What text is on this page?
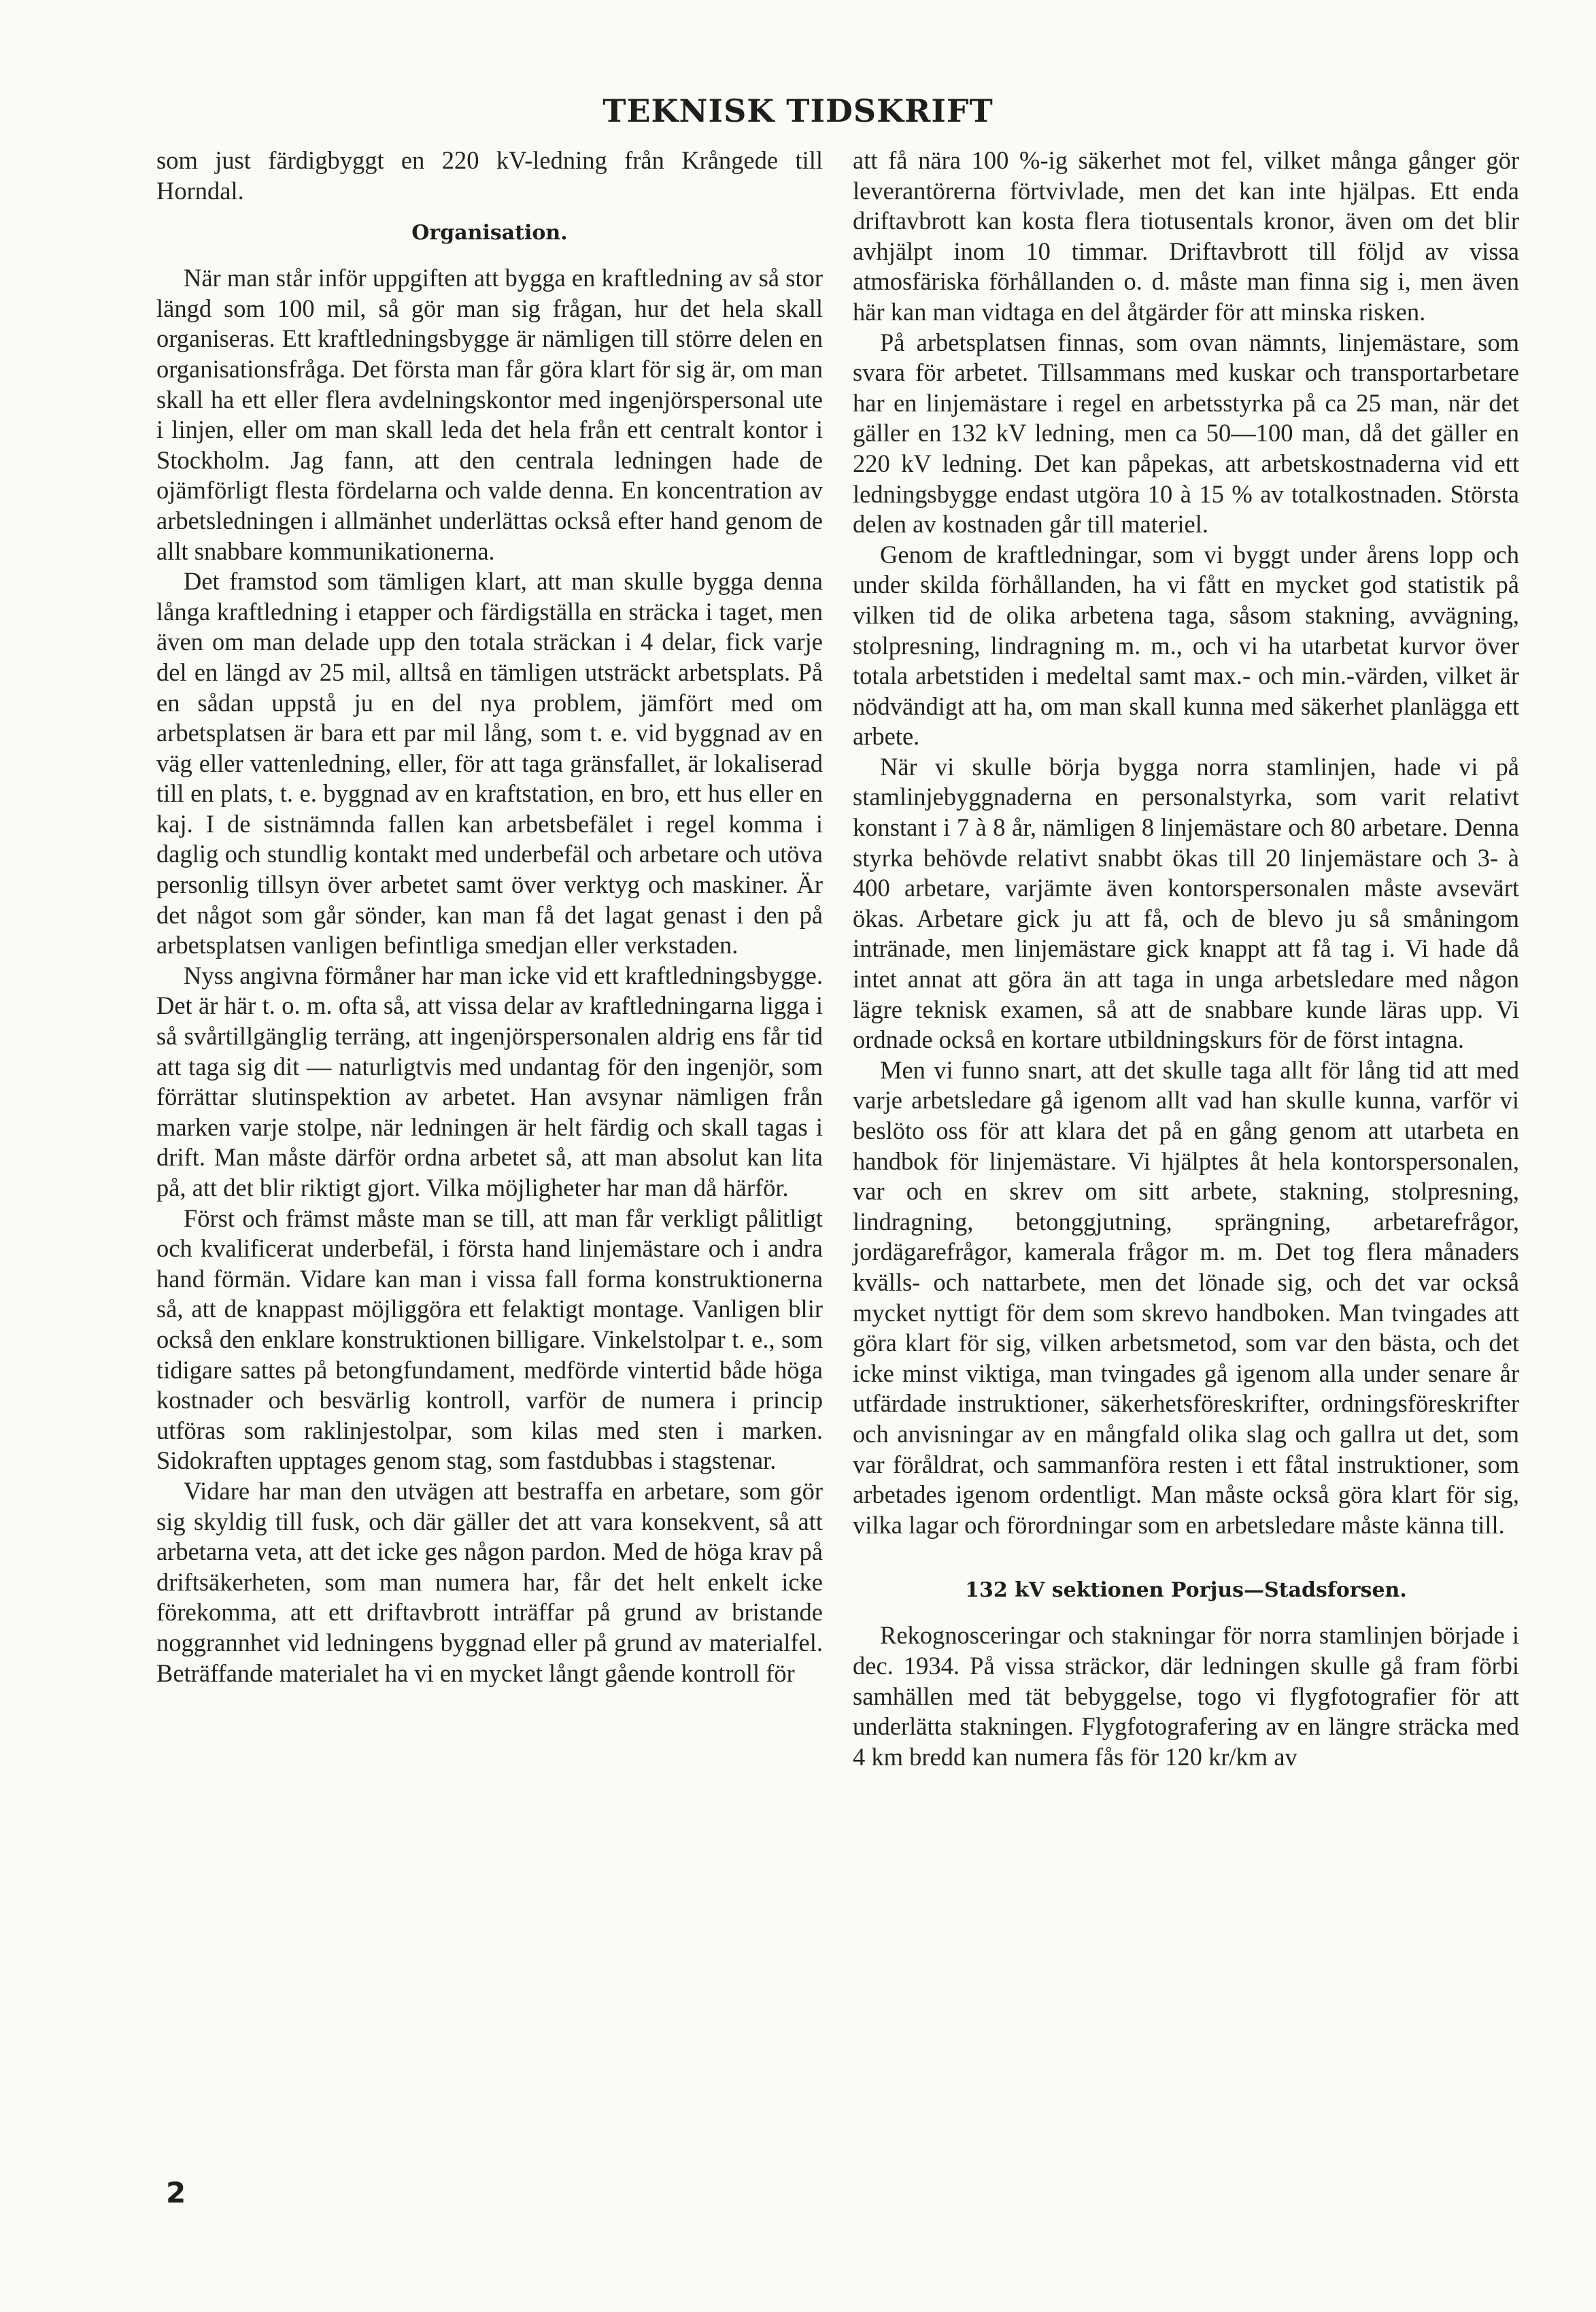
TEKNISK TIDSKRIFT

som just färdigbyggt en 220 kV-ledning från Krångede till Horndal.

Organisation.

När man står inför uppgiften att bygga en kraftledning av så stor längd som 100 mil, så gör man sig frågan, hur det hela skall organiseras. Ett kraftledningsbygge är nämligen till större delen en organisationsfråga. Det första man får göra klart för sig är, om man skall ha ett eller flera avdelningskontor med ingenjörspersonal ute i linjen, eller om man skall leda det hela från ett centralt kontor i Stockholm. Jag fann, att den centrala ledningen hade de ojämförligt flesta fördelarna och valde denna. En koncentration av arbetsledningen i allmänhet underlättas också efter hand genom de allt snabbare kommunikationerna.

Det framstod som tämligen klart, att man skulle bygga denna långa kraftledning i etapper och färdigställa en sträcka i taget, men även om man delade upp den totala sträckan i 4 delar, fick varje del en längd av 25 mil, alltså en tämligen utsträckt arbetsplats. På en sådan uppstå ju en del nya problem, jämfört med om arbetsplatsen är bara ett par mil lång, som t. e. vid byggnad av en väg eller vattenledning, eller, för att taga gränsfallet, är lokaliserad till en plats, t. e. byggnad av en kraftstation, en bro, ett hus eller en kaj. I de sistnämnda fallen kan arbetsbefälet i regel komma i daglig och stundlig kontakt med underbefäl och arbetare och utöva personlig tillsyn över arbetet samt över verktyg och maskiner. Är det något som går sönder, kan man få det lagat genast i den på arbetsplatsen vanligen befintliga smedjan eller verkstaden.

Nyss angivna förmåner har man icke vid ett kraftledningsbygge. Det är här t. o. m. ofta så, att vissa delar av kraftledningarna ligga i så svårtillgänglig terräng, att ingenjörspersonalen aldrig ens får tid att taga sig dit — naturligtvis med undantag för den ingenjör, som förrättar slutinspektion av arbetet. Han avsynar nämligen från marken varje stolpe, när ledningen är helt färdig och skall tagas i drift. Man måste därför ordna arbetet så, att man absolut kan lita på, att det blir riktigt gjort. Vilka möjligheter har man då härför.

Först och främst måste man se till, att man får verkligt pålitligt och kvalificerat underbefäl, i första hand linjemästare och i andra hand förmän. Vidare kan man i vissa fall forma konstruktionerna så, att de knappast möjliggöra ett felaktigt montage. Vanligen blir också den enklare konstruktionen billigare. Vinkelstolpar t. e., som tidigare sattes på betongfundament, medförde vintertid både höga kostnader och besvärlig kontroll, varför de numera i princip utföras som raklinjestolpar, som kilas med sten i marken. Sidokraften upptages genom stag, som fastdubbas i stagstenar.

Vidare har man den utvägen att bestraffa en arbetare, som gör sig skyldig till fusk, och där gäller det att vara konsekvent, så att arbetarna veta, att det icke ges någon pardon. Med de höga krav på driftsäkerheten, som man numera har, får det helt enkelt icke förekomma, att ett driftavbrott inträffar på grund av bristande noggrannhet vid ledningens byggnad eller på grund av materialfel. Beträffande materialet ha vi en mycket långt gående kontroll för

att få nära 100 %-ig säkerhet mot fel, vilket många gånger gör leverantörerna förtvivlade, men det kan inte hjälpas. Ett enda driftavbrott kan kosta flera tiotusentals kronor, även om det blir avhjälpt inom 10 timmar. Driftavbrott till följd av vissa atmosfäriska förhållanden o. d. måste man finna sig i, men även här kan man vidtaga en del åtgärder för att minska risken.

På arbetsplatsen finnas, som ovan nämnts, linjemästare, som svara för arbetet. Tillsammans med kuskar och transportarbetare har en linjemästare i regel en arbetsstyrka på ca 25 man, när det gäller en 132 kV ledning, men ca 50—100 man, då det gäller en 220 kV ledning. Det kan påpekas, att arbetskostnaderna vid ett ledningsbygge endast utgöra 10 à 15 % av totalkostnaden. Största delen av kostnaden går till materiel.

Genom de kraftledningar, som vi byggt under årens lopp och under skilda förhållanden, ha vi fått en mycket god statistik på vilken tid de olika arbetena taga, såsom stakning, avvägning, stolpresning, lindragning m. m., och vi ha utarbetat kurvor över totala arbetstiden i medeltal samt max.- och min.-värden, vilket är nödvändigt att ha, om man skall kunna med säkerhet planlägga ett arbete.

När vi skulle börja bygga norra stamlinjen, hade vi på stamlinjebyggnaderna en personalstyrka, som varit relativt konstant i 7 à 8 år, nämligen 8 linjemästare och 80 arbetare. Denna styrka behövde relativt snabbt ökas till 20 linjemästare och 3- à 400 arbetare, varjämte även kontorspersonalen måste avsevärt ökas. Arbetare gick ju att få, och de blevo ju så småningom intränade, men linjemästare gick knappt att få tag i. Vi hade då intet annat att göra än att taga in unga arbetsledare med någon lägre teknisk examen, så att de snabbare kunde läras upp. Vi ordnade också en kortare utbildningskurs för de först intagna.

Men vi funno snart, att det skulle taga allt för lång tid att med varje arbetsledare gå igenom allt vad han skulle kunna, varför vi beslöto oss för att klara det på en gång genom att utarbeta en handbok för linjemästare. Vi hjälptes åt hela kontorspersonalen, var och en skrev om sitt arbete, stakning, stolpresning, lindragning, betonggjutning, sprängning, arbetarefrågor, jordägarefrågor, kamerala frågor m. m. Det tog flera månaders kvälls- och nattarbete, men det lönade sig, och det var också mycket nyttigt för dem som skrevo handboken. Man tvingades att göra klart för sig, vilken arbetsmetod, som var den bästa, och det icke minst viktiga, man tvingades gå igenom alla under senare år utfärdade instruktioner, säkerhetsföreskrifter, ordningsföreskrifter och anvisningar av en mångfald olika slag och gallra ut det, som var föråldrat, och sammanföra resten i ett fåtal instruktioner, som arbetades igenom ordentligt. Man måste också göra klart för sig, vilka lagar och förordningar som en arbetsledare måste känna till.

132 kV sektionen Porjus—Stadsforsen.

Rekognosceringar och stakningar för norra stamlinjen började i dec. 1934. På vissa sträckor, där ledningen skulle gå fram förbi samhällen med tät bebyggelse, togo vi flygfotografier för att underlätta stakningen. Flygfotografering av en längre sträcka med 4 km bredd kan numera fås för 120 kr/km av

2
